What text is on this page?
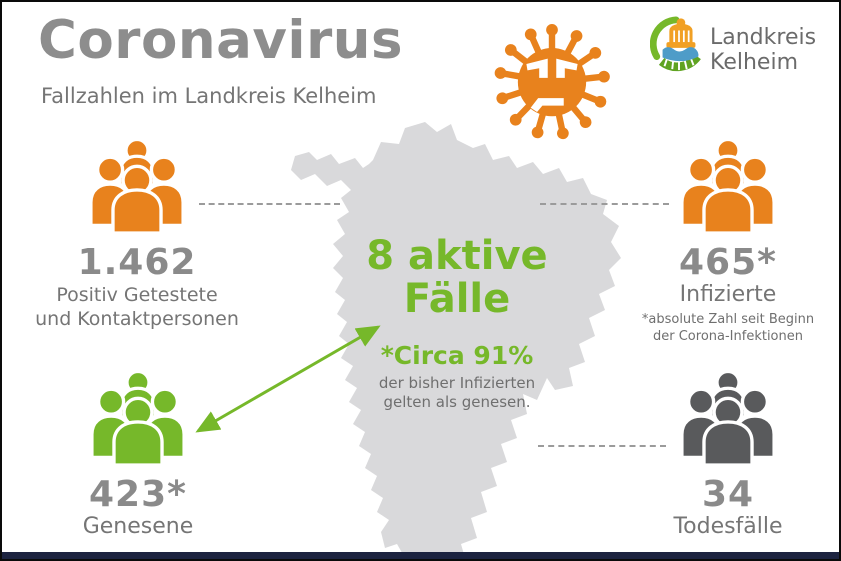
Coronavirus
Fallzahlen im Landkreis Kelheim
Landkreis
Kelheim
8 aktive
Fälle
*Circa 91%
der bisher Infizierten
gelten als genesen.
1.462
Positiv Getestete
und Kontaktpersonen
465*
Infizierte
*absolute Zahl seit Beginn
der Corona-Infektionen
423*
Genesene
34
Todesfälle
